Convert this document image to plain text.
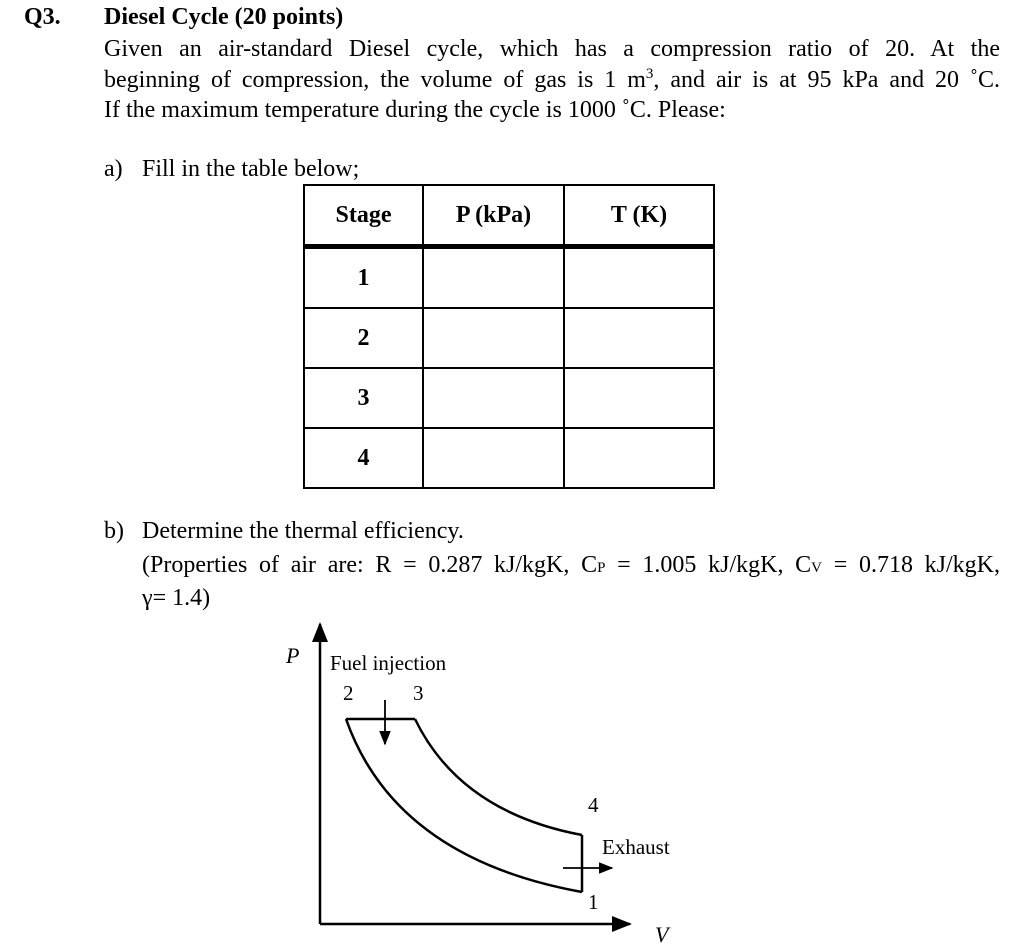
Q3. Diesel Cycle (20 points)
Given an air-standard Diesel cycle, which has a compression ratio of 20. At the
beginning of compression, the volume of gas is 1 $m^3$, and air is at 95 kPa and 20 ˚C.
If the maximum temperature during the cycle is 1000 ˚C. Please:
a) Fill in the table below;
Stage	P (kPa)	T (K)
1		
2		
3		
4		
b) Determine the thermal efficiency.
(Properties of air are: R = 0.287 kJ/kgK, CP = 1.005 kJ/kgK, CV = 0.718 kJ/kgK,
γ= 1.4)
P
V
Fuel injection
2	3
4
1
Exhaust
